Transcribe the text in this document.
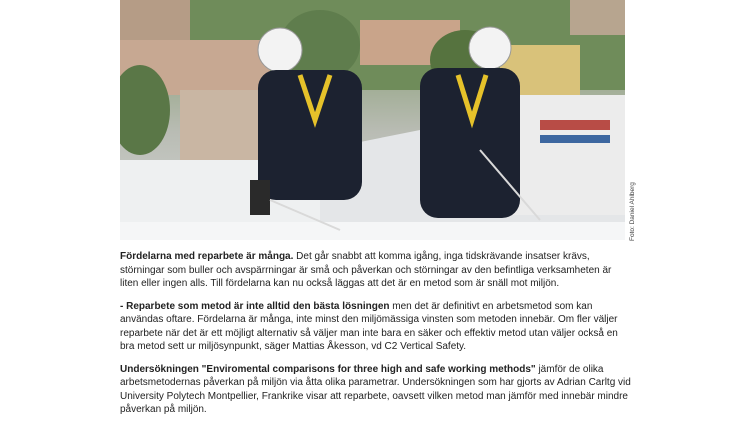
Foto: Daniel Ahlberg

Fördelarna med reparbete är många. Det går snabbt att komma igång, inga tidskrävande insatser krävs, störningar som buller och avspärrningar är små och påverkan och störningar av den befintliga verksamheten är liten eller ingen alls. Till fördelarna kan nu också läggas att det är en metod som är snäll mot miljön.

- Reparbete som metod är inte alltid den bästa lösningen men det är definitivt en arbetsmetod som kan användas oftare. Fördelarna är många, inte minst den miljömässiga vinsten som metoden innebär. Om fler väljer reparbete när det är ett möjligt alternativ så väljer man inte bara en säker och effektiv metod utan väljer också en bra metod sett ur miljösynpunkt, säger Mattias Åkesson, vd C2 Vertical Safety.

Undersökningen "Enviromental comparisons for three high and safe working methods" jämför de olika arbetsmetodernas påverkan på miljön via åtta olika parametrar. Undersökningen som har gjorts av Adrian Carltg vid University Polytech Montpellier, Frankrike visar att reparbete, oavsett vilken metod man jämför med innebär mindre påverkan på miljön.
